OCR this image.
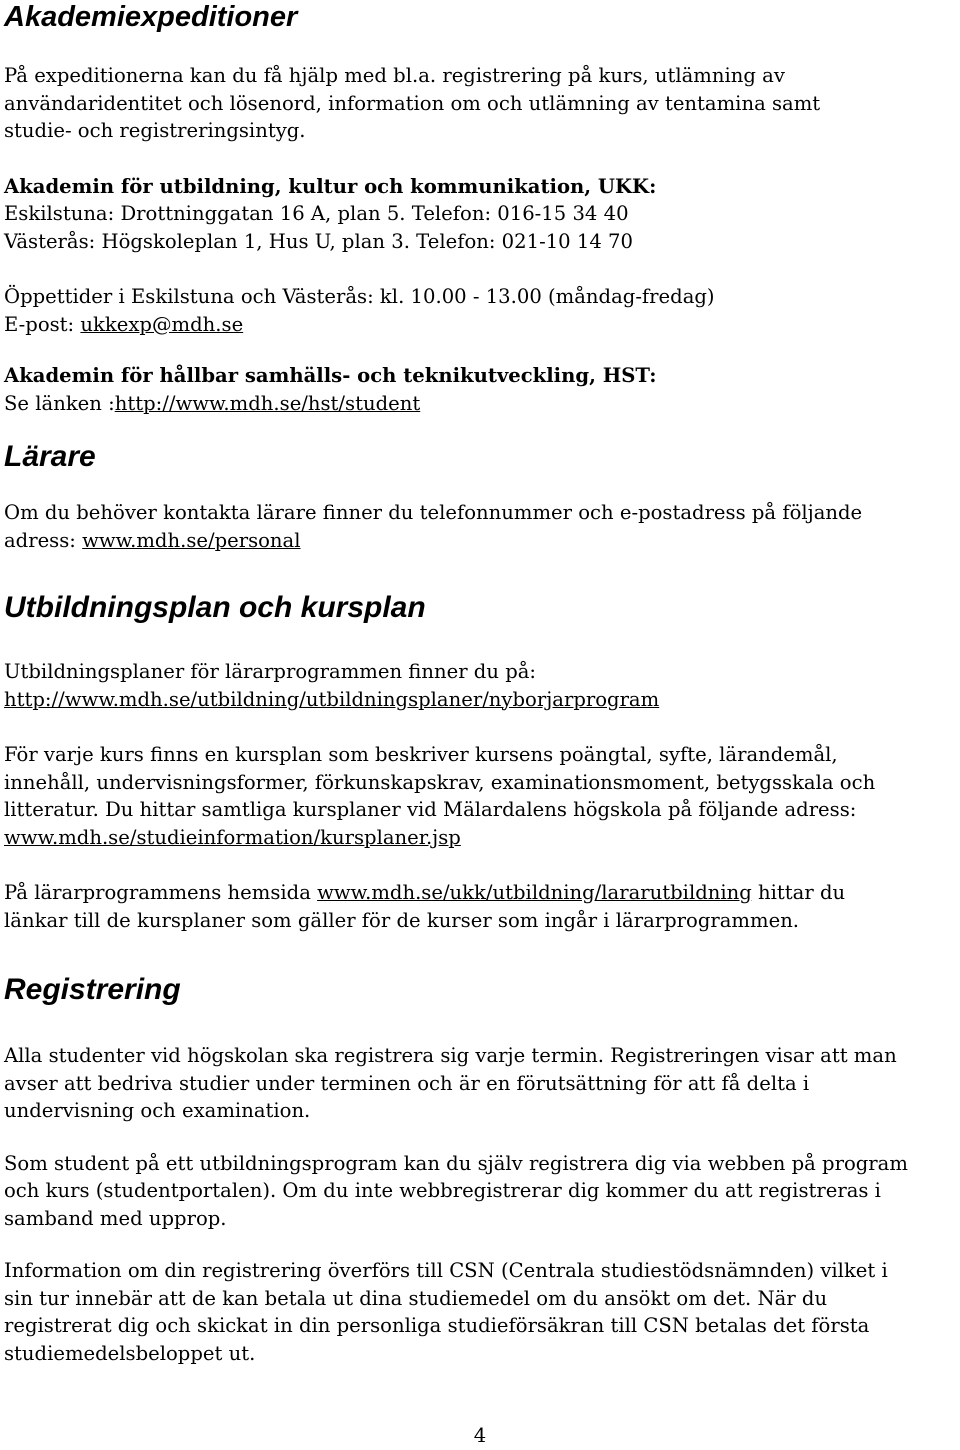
Akademiexpeditioner

På expeditionerna kan du få hjälp med bl.a. registrering på kurs, utlämning av
användaridentitet och lösenord, information om och utlämning av tentamina samt
studie- och registreringsintyg.

Akademin för utbildning, kultur och kommunikation, UKK:
Eskilstuna: Drottninggatan 16 A, plan 5. Telefon: 016-15 34 40
Västerås: Högskoleplan 1, Hus U, plan 3. Telefon: 021-10 14 70

Öppettider i Eskilstuna och Västerås: kl. 10.00 - 13.00 (måndag-fredag)
E-post: ukkexp@mdh.se

Akademin för hållbar samhälls- och teknikutveckling, HST:
Se länken :http://www.mdh.se/hst/student

Lärare

Om du behöver kontakta lärare finner du telefonnummer och e-postadress på följande
adress: www.mdh.se/personal

Utbildningsplan och kursplan

Utbildningsplaner för lärarprogrammen finner du på:
http://www.mdh.se/utbildning/utbildningsplaner/nyborjarprogram

För varje kurs finns en kursplan som beskriver kursens poängtal, syfte, lärandemål,
innehåll, undervisningsformer, förkunskapskrav, examinationsmoment, betygsskala och
litteratur. Du hittar samtliga kursplaner vid Mälardalens högskola på följande adress:
www.mdh.se/studieinformation/kursplaner.jsp

På lärarprogrammens hemsida www.mdh.se/ukk/utbildning/lararutbildning hittar du
länkar till de kursplaner som gäller för de kurser som ingår i lärarprogrammen.

Registrering

Alla studenter vid högskolan ska registrera sig varje termin. Registreringen visar att man
avser att bedriva studier under terminen och är en förutsättning för att få delta i
undervisning och examination.

Som student på ett utbildningsprogram kan du själv registrera dig via webben på program
och kurs (studentportalen). Om du inte webbregistrerar dig kommer du att registreras i
samband med upprop.

Information om din registrering överförs till CSN (Centrala studiestödsnämnden) vilket i
sin tur innebär att de kan betala ut dina studiemedel om du ansökt om det. När du
registrerat dig och skickat in din personliga studieförsäkran till CSN betalas det första
studiemedelsbeloppet ut.

4
